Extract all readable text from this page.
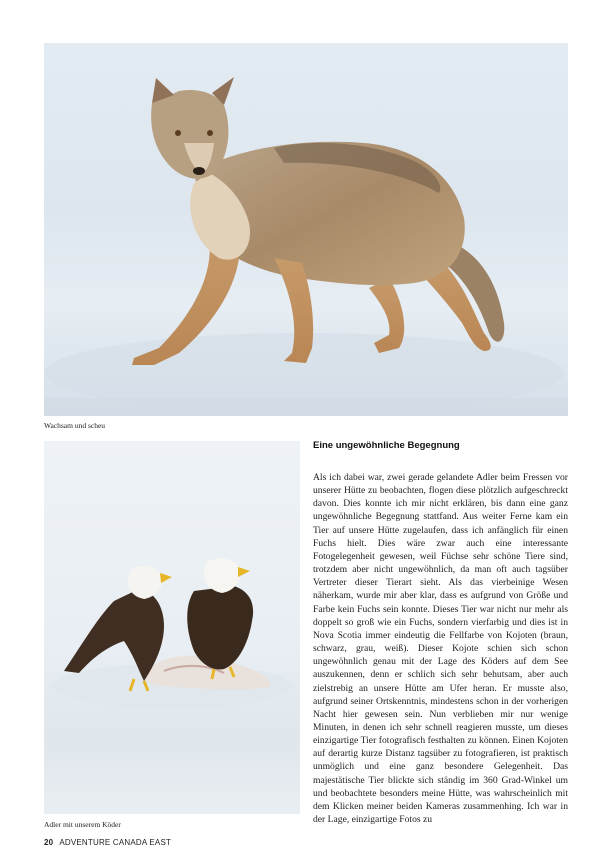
Wachsam und scheu
Adler mit unserem Köder
Eine ungewöhnliche Begegnung

Als ich dabei war, zwei gerade gelandete Adler beim Fressen vor unserer Hütte zu beobachten, flogen diese plötzlich aufgeschreckt davon. Dies konnte ich mir nicht erklären, bis dann eine ganz ungewöhnliche Begegnung stattfand. Aus weiter Ferne kam ein Tier auf unsere Hütte zugelaufen, dass ich anfänglich für einen Fuchs hielt. Dies wäre zwar auch eine interessante Fotogelegenheit gewesen, weil Füchse sehr schöne Tiere sind, trotzdem aber nicht ungewöhnlich, da man oft auch tagsüber Vertreter dieser Tierart sieht. Als das vierbeinige Wesen näherkam, wurde mir aber klar, dass es aufgrund von Größe und Farbe kein Fuchs sein konnte. Dieses Tier war nicht nur mehr als doppelt so groß wie ein Fuchs, sondern vierfarbig und dies ist in Nova Scotia immer eindeutig die Fellfarbe von Kojoten (braun, schwarz, grau, weiß). Dieser Kojote schien sich schon ungewöhnlich genau mit der Lage des Köders auf dem See auszukennen, denn er schlich sich sehr behutsam, aber auch zielstrebig an unsere Hütte am Ufer heran. Er musste also, aufgrund seiner Ortskenntnis, mindestens schon in der vorherigen Nacht hier gewesen sein. Nun verblieben mir nur wenige Minuten, in denen ich sehr schnell reagieren musste, um dieses einzigartige Tier fotografisch festhalten zu können. Einen Kojoten auf derartig kurze Distanz tagsüber zu fotografieren, ist praktisch unmöglich und eine ganz besondere Gelegenheit. Das majestätische Tier blickte sich ständig im 360 Grad-Winkel um und beobachtete besonders meine Hütte, was wahrscheinlich mit dem Klicken meiner beiden Kameras zusammenhing. Ich war in der Lage, einzigartige Fotos zu

20 ADVENTURE CANADA EAST
